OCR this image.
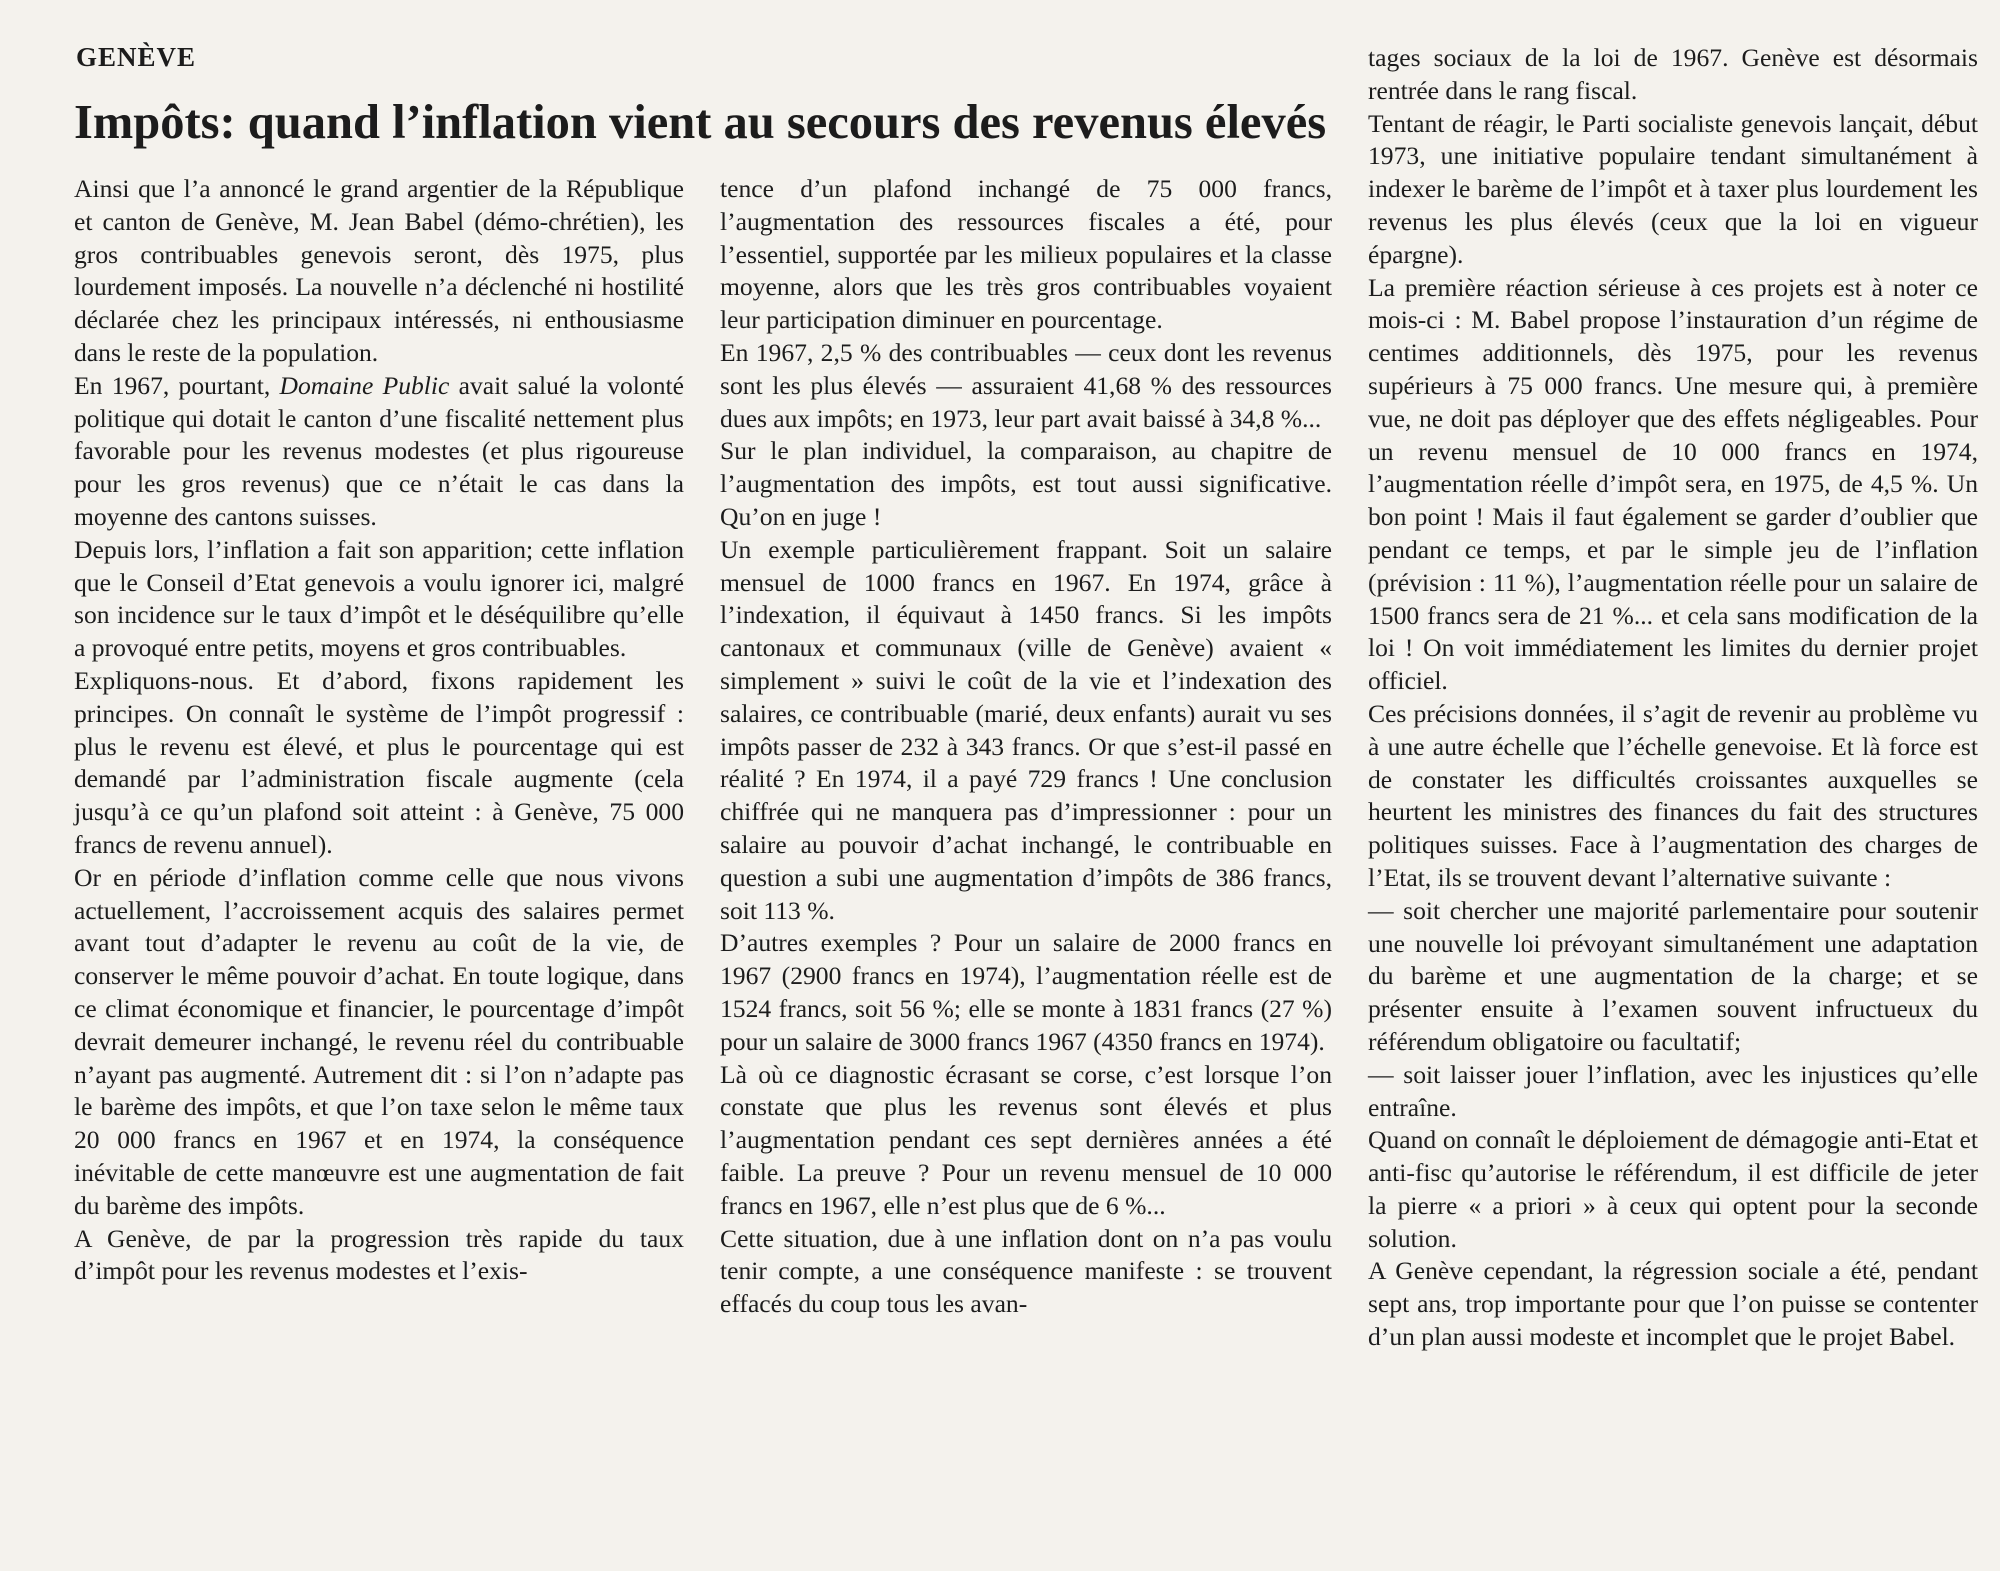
GENÈVE
Impôts: quand l’inflation vient au secours des revenus élevés

Ainsi que l’a annoncé le grand argentier de la République et canton de Genève, M. Jean Babel (démo-chrétien), les gros contribuables genevois seront, dès 1975, plus lourdement imposés. La nouvelle n’a déclenché ni hostilité déclarée chez les principaux intéressés, ni enthousiasme dans le reste de la population.

En 1967, pourtant, Domaine Public avait salué la volonté politique qui dotait le canton d’une fiscalité nettement plus favorable pour les revenus modestes (et plus rigoureuse pour les gros revenus) que ce n’était le cas dans la moyenne des cantons suisses.

Depuis lors, l’inflation a fait son apparition; cette inflation que le Conseil d’Etat genevois a voulu ignorer ici, malgré son incidence sur le taux d’impôt et le déséquilibre qu’elle a provoqué entre petits, moyens et gros contribuables.

Expliquons-nous. Et d’abord, fixons rapidement les principes. On connaît le système de l’impôt progressif : plus le revenu est élevé, et plus le pourcentage qui est demandé par l’administration fiscale augmente (cela jusqu’à ce qu’un plafond soit atteint : à Genève, 75 000 francs de revenu annuel).

Or en période d’inflation comme celle que nous vivons actuellement, l’accroissement acquis des salaires permet avant tout d’adapter le revenu au coût de la vie, de conserver le même pouvoir d’achat. En toute logique, dans ce climat économique et financier, le pourcentage d’impôt devrait demeurer inchangé, le revenu réel du contribuable n’ayant pas augmenté. Autrement dit : si l’on n’adapte pas le barème des impôts, et que l’on taxe selon le même taux 20 000 francs en 1967 et en 1974, la conséquence inévitable de cette manœuvre est une augmentation de fait du barème des impôts.

A Genève, de par la progression très rapide du taux d’impôt pour les revenus modestes et l’exis-

tence d’un plafond inchangé de 75 000 francs, l’augmentation des ressources fiscales a été, pour l’essentiel, supportée par les milieux populaires et la classe moyenne, alors que les très gros contribuables voyaient leur participation diminuer en pourcentage.

En 1967, 2,5 % des contribuables — ceux dont les revenus sont les plus élevés — assuraient 41,68 % des ressources dues aux impôts; en 1973, leur part avait baissé à 34,8 %...

Sur le plan individuel, la comparaison, au chapitre de l’augmentation des impôts, est tout aussi significative. Qu’on en juge !

Un exemple particulièrement frappant. Soit un salaire mensuel de 1000 francs en 1967. En 1974, grâce à l’indexation, il équivaut à 1450 francs. Si les impôts cantonaux et communaux (ville de Genève) avaient « simplement » suivi le coût de la vie et l’indexation des salaires, ce contribuable (marié, deux enfants) aurait vu ses impôts passer de 232 à 343 francs. Or que s’est-il passé en réalité ? En 1974, il a payé 729 francs ! Une conclusion chiffrée qui ne manquera pas d’impressionner : pour un salaire au pouvoir d’achat inchangé, le contribuable en question a subi une augmentation d’impôts de 386 francs, soit 113 %.

D’autres exemples ? Pour un salaire de 2000 francs en 1967 (2900 francs en 1974), l’augmentation réelle est de 1524 francs, soit 56 %; elle se monte à 1831 francs (27 %) pour un salaire de 3000 francs 1967 (4350 francs en 1974).

Là où ce diagnostic écrasant se corse, c’est lorsque l’on constate que plus les revenus sont élevés et plus l’augmentation pendant ces sept dernières années a été faible. La preuve ? Pour un revenu mensuel de 10 000 francs en 1967, elle n’est plus que de 6 %...

Cette situation, due à une inflation dont on n’a pas voulu tenir compte, a une conséquence manifeste : se trouvent effacés du coup tous les avan-

tages sociaux de la loi de 1967. Genève est désormais rentrée dans le rang fiscal.

Tentant de réagir, le Parti socialiste genevois lançait, début 1973, une initiative populaire tendant simultanément à indexer le barème de l’impôt et à taxer plus lourdement les revenus les plus élevés (ceux que la loi en vigueur épargne).

La première réaction sérieuse à ces projets est à noter ce mois-ci : M. Babel propose l’instauration d’un régime de centimes additionnels, dès 1975, pour les revenus supérieurs à 75 000 francs. Une mesure qui, à première vue, ne doit pas déployer que des effets négligeables. Pour un revenu mensuel de 10 000 francs en 1974, l’augmentation réelle d’impôt sera, en 1975, de 4,5 %. Un bon point ! Mais il faut également se garder d’oublier que pendant ce temps, et par le simple jeu de l’inflation (prévision : 11 %), l’augmentation réelle pour un salaire de 1500 francs sera de 21 %... et cela sans modification de la loi ! On voit immédiatement les limites du dernier projet officiel.

Ces précisions données, il s’agit de revenir au problème vu à une autre échelle que l’échelle genevoise. Et là force est de constater les difficultés croissantes auxquelles se heurtent les ministres des finances du fait des structures politiques suisses. Face à l’augmentation des charges de l’Etat, ils se trouvent devant l’alternative suivante :

— soit chercher une majorité parlementaire pour soutenir une nouvelle loi prévoyant simultanément une adaptation du barème et une augmentation de la charge; et se présenter ensuite à l’examen souvent infructueux du référendum obligatoire ou facultatif;

— soit laisser jouer l’inflation, avec les injustices qu’elle entraîne.

Quand on connaît le déploiement de démagogie anti-Etat et anti-fisc qu’autorise le référendum, il est difficile de jeter la pierre « a priori » à ceux qui optent pour la seconde solution.

A Genève cependant, la régression sociale a été, pendant sept ans, trop importante pour que l’on puisse se contenter d’un plan aussi modeste et incomplet que le projet Babel.
